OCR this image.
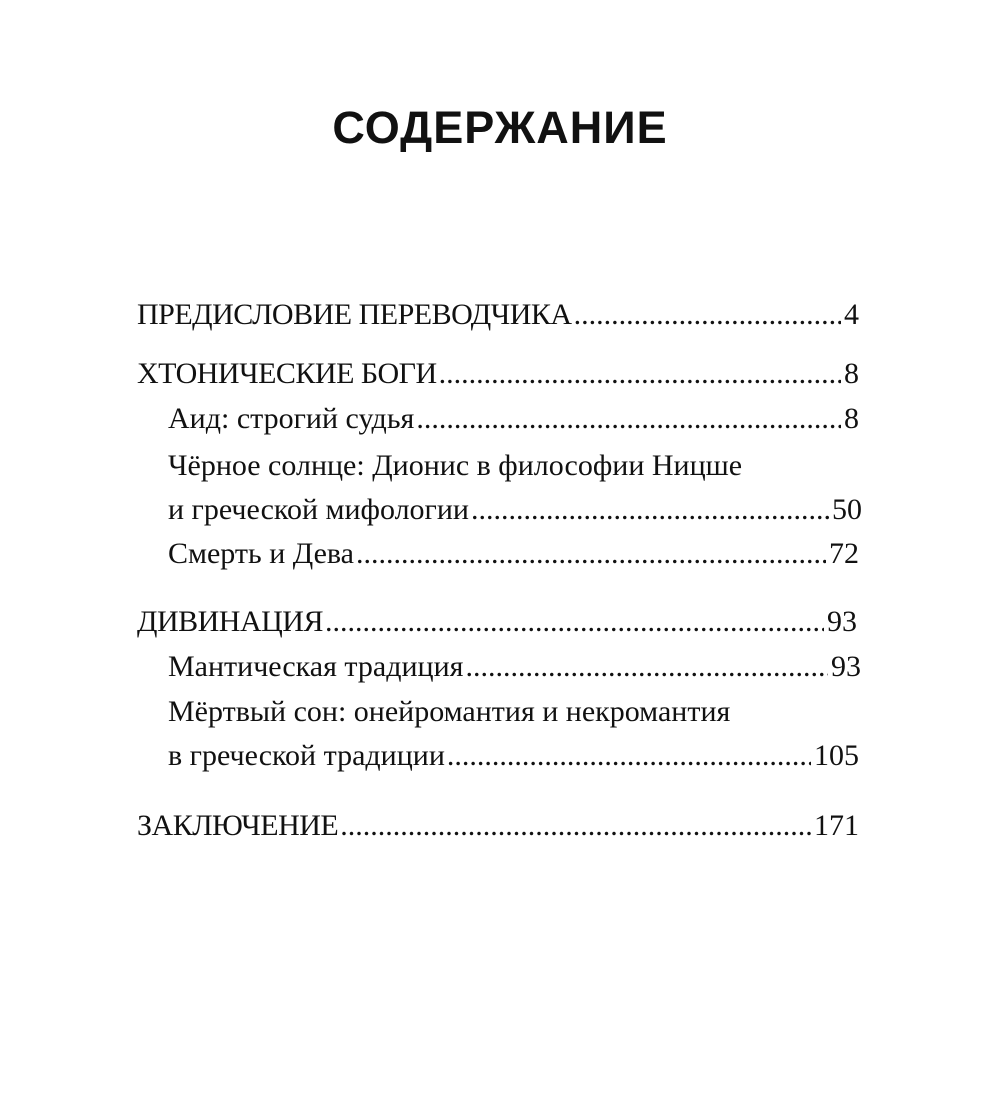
СОДЕРЖАНИЕ
ПРЕДИСЛОВИЕ ПЕРЕВОДЧИКА .....	4
ХТОНИЧЕСКИЕ БОГИ .....	8
Аид: строгий судья .....	8
Чёрное солнце: Дионис в философии Ницше
и греческой мифологии .....	50
Смерть и Дева .....	72
ДИВИНАЦИЯ .....	93
Мантическая традиция .....	93
Мёртвый сон: онейромантия и некромантия
в греческой традиции .....	105
ЗАКЛЮЧЕНИЕ .....	171
